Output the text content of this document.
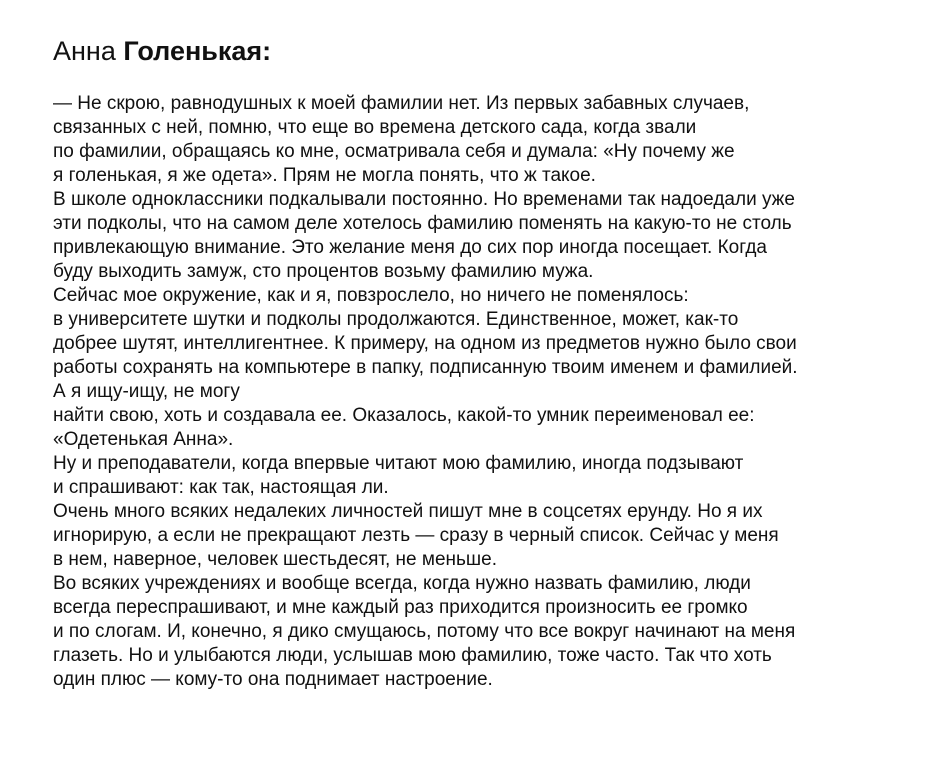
Анна Голенькая:
— Не скрою, равнодушных к моей фамилии нет. Из первых забавных случаев,
связанных с ней, помню, что еще во времена детского сада, когда звали
по фамилии, обращаясь ко мне, осматривала себя и думала: «Ну почему же
я голенькая, я же одета». Прям не могла понять, что ж такое.
В школе одноклассники подкалывали постоянно. Но временами так надоедали уже
эти подколы, что на самом деле хотелось фамилию поменять на какую-то не столь
привлекающую внимание. Это желание меня до сих пор иногда посещает. Когда
буду выходить замуж, сто процентов возьму фамилию мужа.
Сейчас мое окружение, как и я, повзрослело, но ничего не поменялось:
в университете шутки и подколы продолжаются. Единственное, может, как-то
добрее шутят, интеллигентнее. К примеру, на одном из предметов нужно было свои
работы сохранять на компьютере в папку, подписанную твоим именем и фамилией.
А я ищу-ищу, не могу
найти свою, хоть и создавала ее. Оказалось, какой-то умник переименовал ее:
«Одетенькая Анна».
Ну и преподаватели, когда впервые читают мою фамилию, иногда подзывают
и спрашивают: как так, настоящая ли.
Очень много всяких недалеких личностей пишут мне в соцсетях ерунду. Но я их
игнорирую, а если не прекращают лезть — сразу в черный список. Сейчас у меня
в нем, наверное, человек шестьдесят, не меньше.
Во всяких учреждениях и вообще всегда, когда нужно назвать фамилию, люди
всегда переспрашивают, и мне каждый раз приходится произносить ее громко
и по слогам. И, конечно, я дико смущаюсь, потому что все вокруг начинают на меня
глазеть. Но и улыбаются люди, услышав мою фамилию, тоже часто. Так что хоть
один плюс — кому-то она поднимает настроение.
